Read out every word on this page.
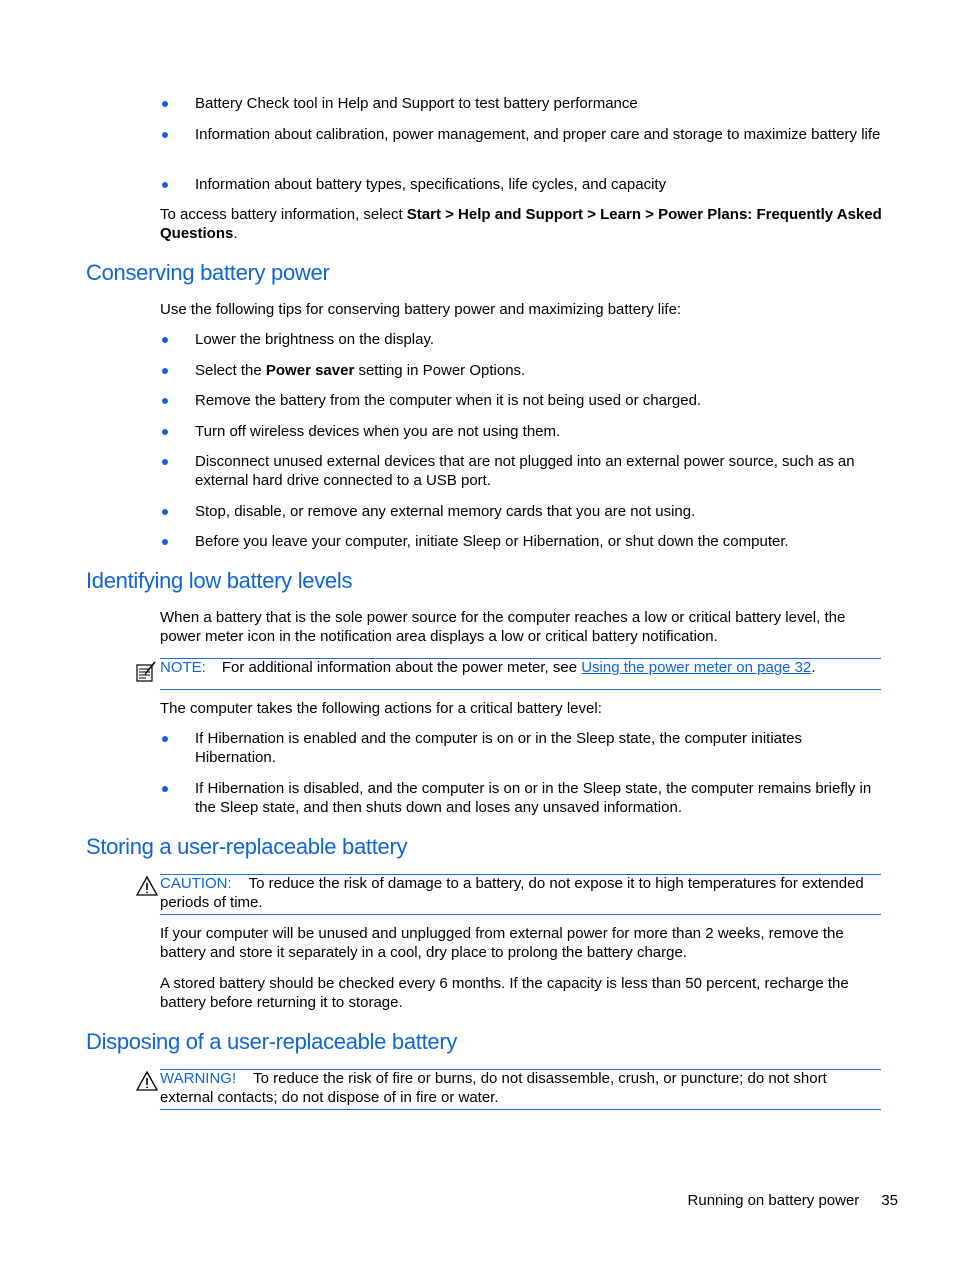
Battery Check tool in Help and Support to test battery performance
Information about calibration, power management, and proper care and storage to maximize battery life
Information about battery types, specifications, life cycles, and capacity
To access battery information, select Start > Help and Support > Learn > Power Plans: Frequently Asked Questions.
Conserving battery power
Use the following tips for conserving battery power and maximizing battery life:
Lower the brightness on the display.
Select the Power saver setting in Power Options.
Remove the battery from the computer when it is not being used or charged.
Turn off wireless devices when you are not using them.
Disconnect unused external devices that are not plugged into an external power source, such as an external hard drive connected to a USB port.
Stop, disable, or remove any external memory cards that you are not using.
Before you leave your computer, initiate Sleep or Hibernation, or shut down the computer.
Identifying low battery levels
When a battery that is the sole power source for the computer reaches a low or critical battery level, the power meter icon in the notification area displays a low or critical battery notification.
NOTE: For additional information about the power meter, see Using the power meter on page 32.
The computer takes the following actions for a critical battery level:
If Hibernation is enabled and the computer is on or in the Sleep state, the computer initiates Hibernation.
If Hibernation is disabled, and the computer is on or in the Sleep state, the computer remains briefly in the Sleep state, and then shuts down and loses any unsaved information.
Storing a user-replaceable battery
CAUTION: To reduce the risk of damage to a battery, do not expose it to high temperatures for extended periods of time.
If your computer will be unused and unplugged from external power for more than 2 weeks, remove the battery and store it separately in a cool, dry place to prolong the battery charge.
A stored battery should be checked every 6 months. If the capacity is less than 50 percent, recharge the battery before returning it to storage.
Disposing of a user-replaceable battery
WARNING! To reduce the risk of fire or burns, do not disassemble, crush, or puncture; do not short external contacts; do not dispose of in fire or water.
Running on battery power 35
